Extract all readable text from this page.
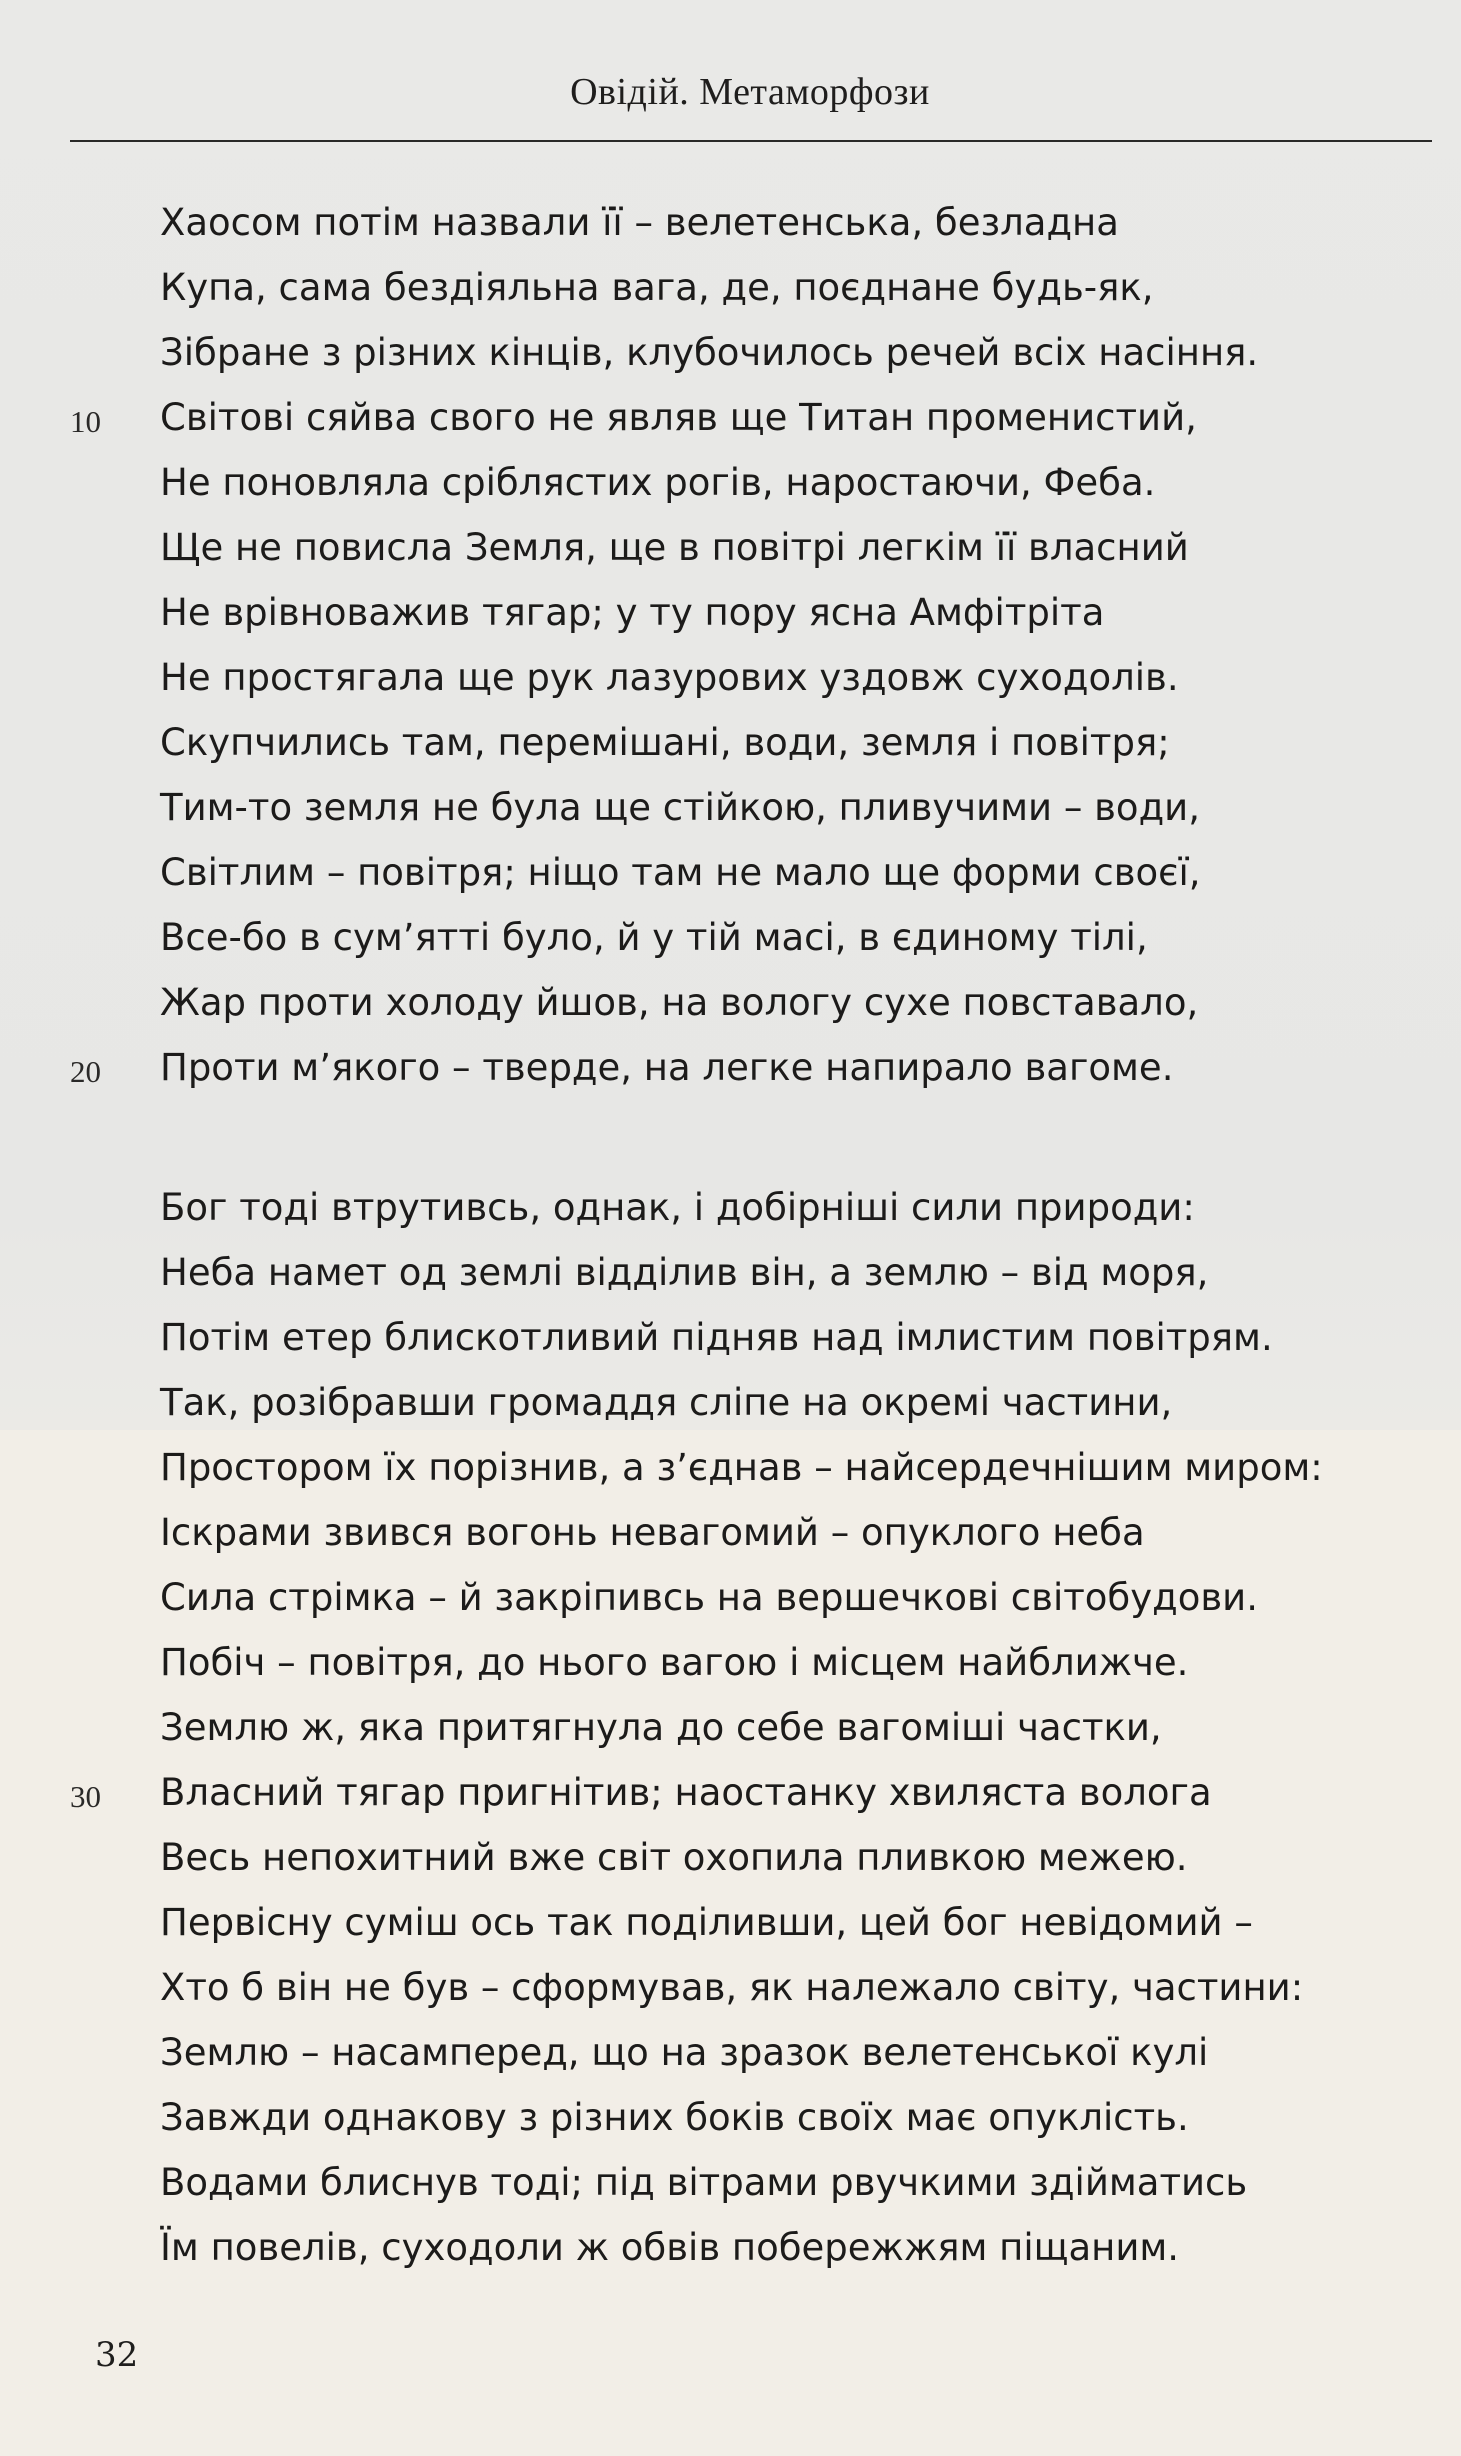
Овідій. Метаморфози
Хаосом потім назвали її – велетенська, безладна
Купа, сама бездіяльна вага, де, поєднане будь-як,
Зібране з різних кінців, клубочилось речей всіх насіння.
10 Світові сяйва свого не являв ще Титан променистий,
Не поновляла сріблястих рогів, наростаючи, Феба.
Ще не повисла Земля, ще в повітрі легкім її власний
Не врівноважив тягар; у ту пору ясна Амфітріта
Не простягала ще рук лазурових уздовж суходолів.
Скупчились там, перемішані, води, земля і повітря;
Тим-то земля не була ще стійкою, пливучими – води,
Світлим – повітря; ніщо там не мало ще форми своєї,
Все-бо в сум’ятті було, й у тій масі, в єдиному тілі,
Жар проти холоду йшов, на вологу сухе повставало,
20 Проти м’якого – тверде, на легке напирало вагоме.
Бог тоді втрутивсь, однак, і добірніші сили природи:
Неба намет од землі відділив він, а землю – від моря,
Потім етер блискотливий підняв над імлистим повітрям.
Так, розібравши громаддя сліпе на окремі частини,
Простором їх порізнив, а з’єднав – найсердечнішим миром:
Іскрами звився вогонь невагомий – опуклого неба
Сила стрімка – й закріпивсь на вершечкові світобудови.
Побіч – повітря, до нього вагою і місцем найближче.
Землю ж, яка притягнула до себе вагоміші частки,
30 Власний тягар пригнітив; наостанку хвиляста волога
Весь непохитний вже світ охопила пливкою межею.
Первісну суміш ось так поділивши, цей бог невідомий –
Хто б він не був – сформував, як належало світу, частини:
Землю – насамперед, що на зразок велетенської кулі
Завжди однакову з різних боків своїх має опуклість.
Водами блиснув тоді; під вітрами рвучкими здійматись
Їм повелів, суходоли ж обвів побережжям піщаним.
32
